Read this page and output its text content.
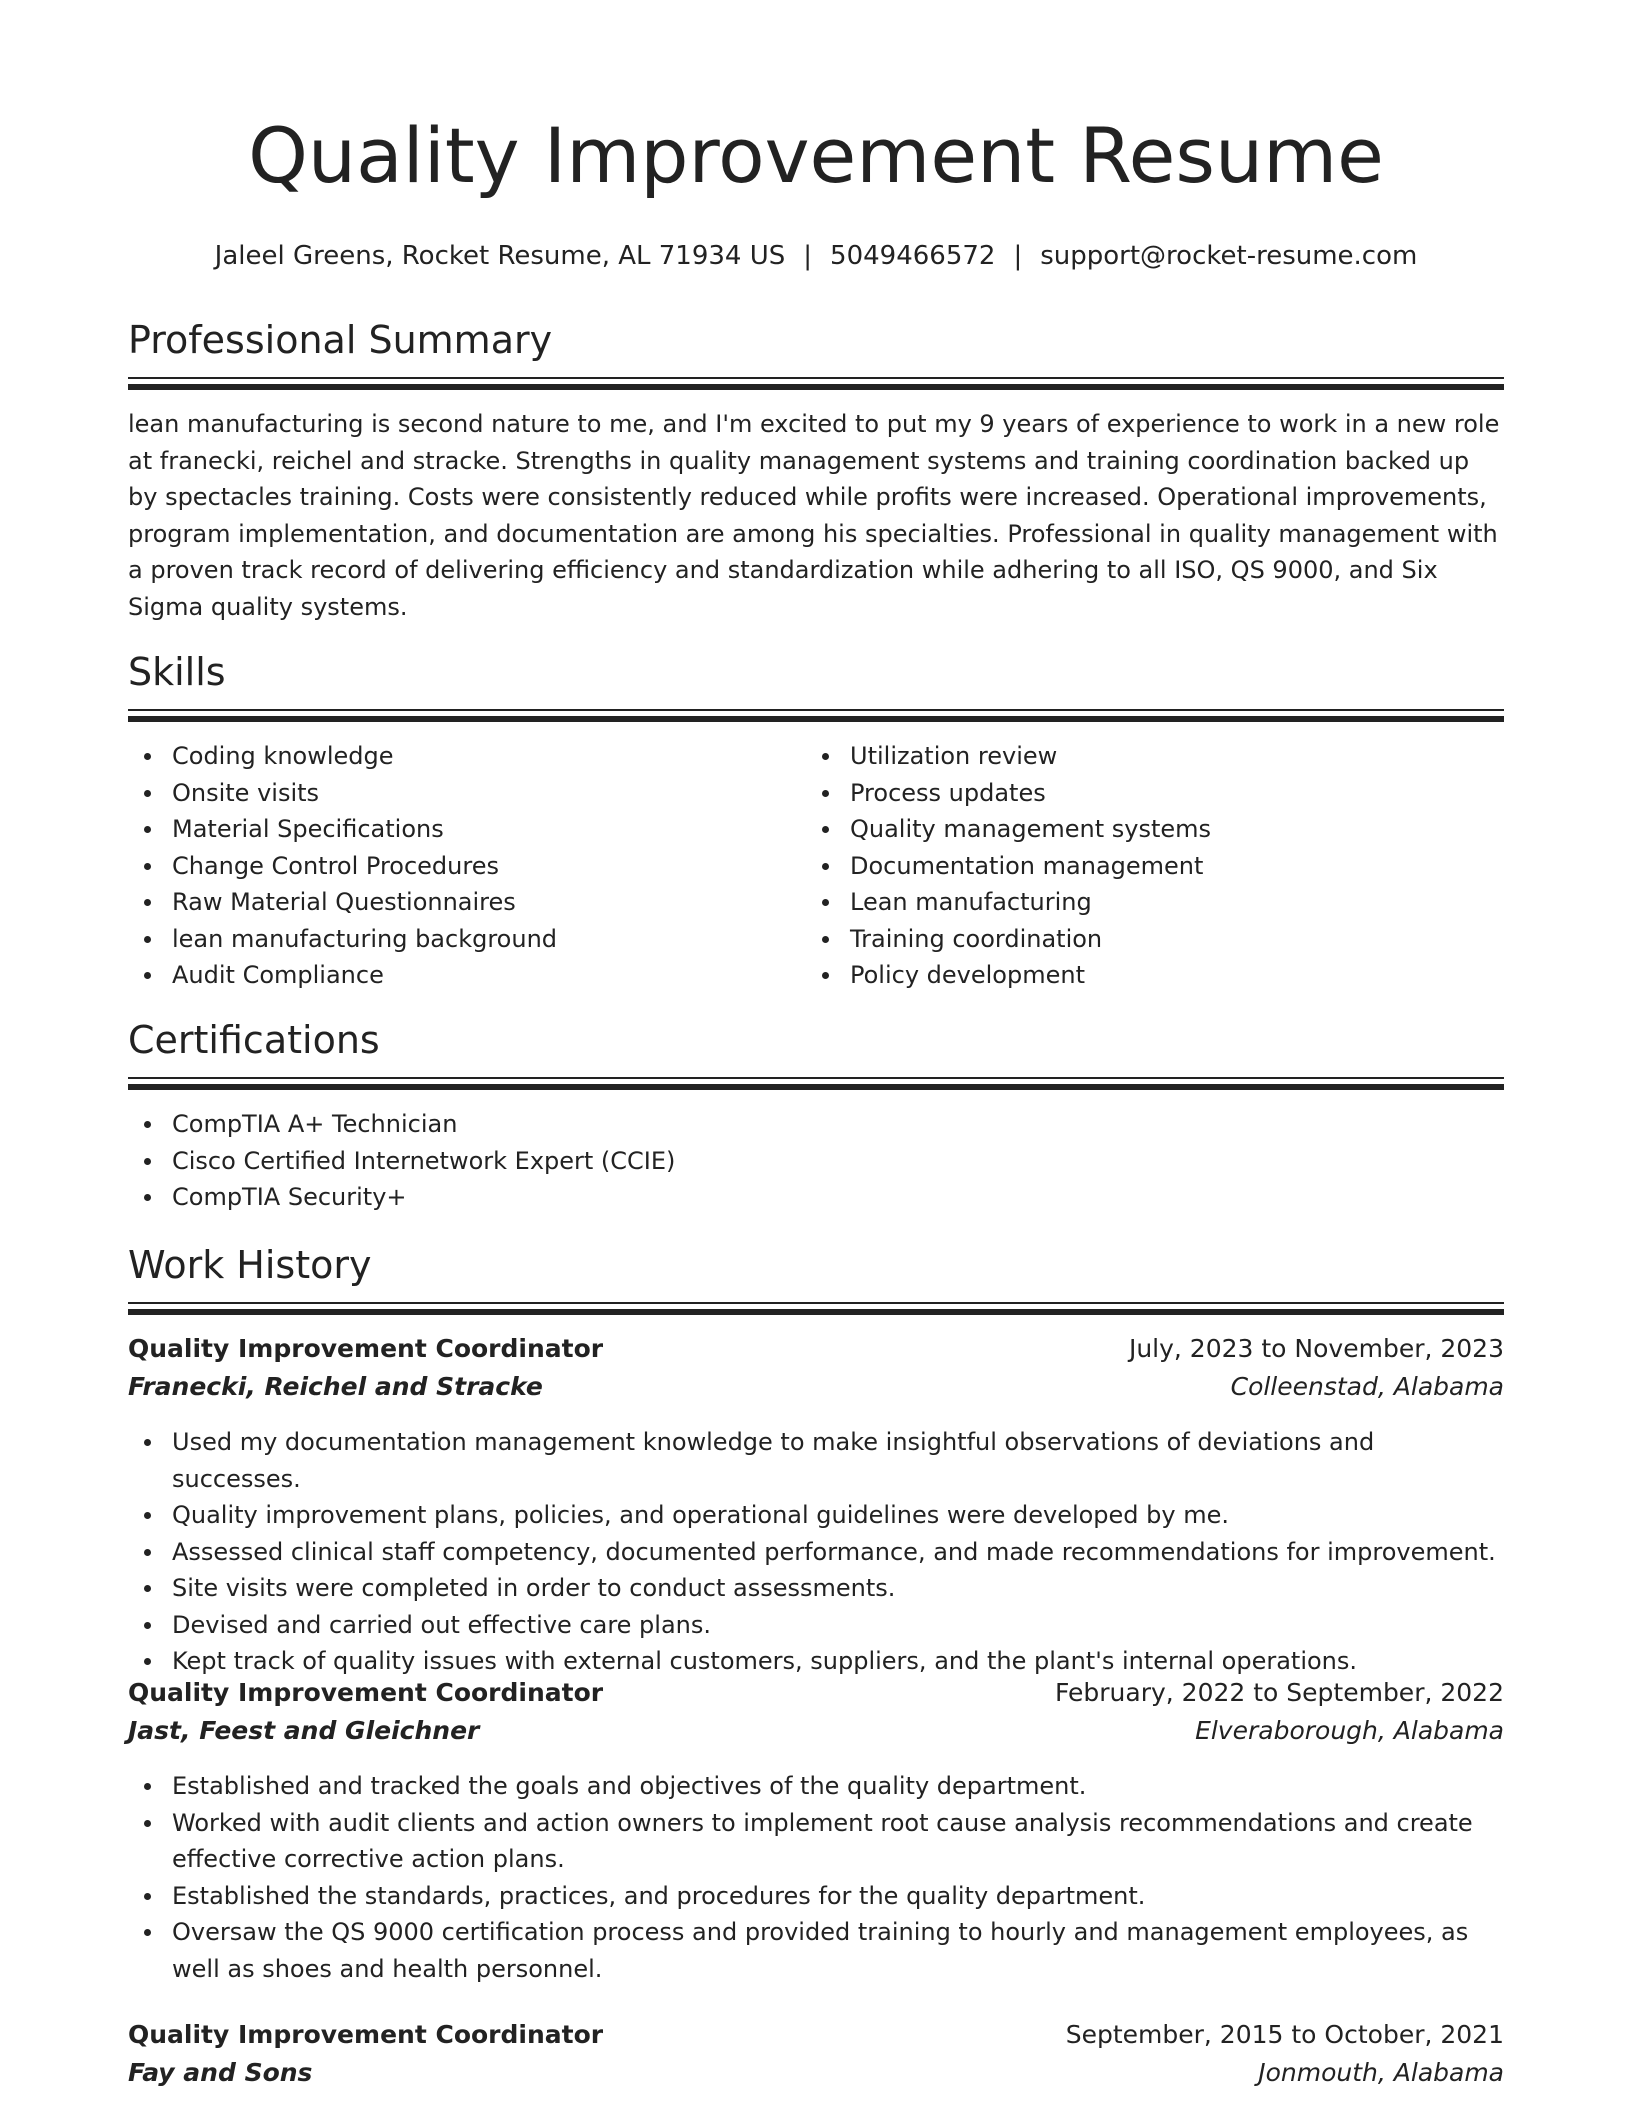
Quality Improvement Resume
Jaleel Greens, Rocket Resume, AL 71934 US | 5049466572 | support@rocket-resume.com
Professional Summary
lean manufacturing is second nature to me, and I'm excited to put my 9 years of experience to work in a new role at franecki, reichel and stracke. Strengths in quality management systems and training coordination backed up by spectacles training. Costs were consistently reduced while profits were increased. Operational improvements, program implementation, and documentation are among his specialties. Professional in quality management with a proven track record of delivering efficiency and standardization while adhering to all ISO, QS 9000, and Six Sigma quality systems.
Skills
Coding knowledge
Onsite visits
Material Specifications
Change Control Procedures
Raw Material Questionnaires
lean manufacturing background
Audit Compliance
Utilization review
Process updates
Quality management systems
Documentation management
Lean manufacturing
Training coordination
Policy development
Certifications
CompTIA A+ Technician
Cisco Certified Internetwork Expert (CCIE)
CompTIA Security+
Work History
Quality Improvement Coordinator	July, 2023 to November, 2023
Franecki, Reichel and Stracke	Colleenstad, Alabama
Used my documentation management knowledge to make insightful observations of deviations and successes.
Quality improvement plans, policies, and operational guidelines were developed by me.
Assessed clinical staff competency, documented performance, and made recommendations for improvement.
Site visits were completed in order to conduct assessments.
Devised and carried out effective care plans.
Kept track of quality issues with external customers, suppliers, and the plant's internal operations.
Quality Improvement Coordinator	February, 2022 to September, 2022
Jast, Feest and Gleichner	Elveraborough, Alabama
Established and tracked the goals and objectives of the quality department.
Worked with audit clients and action owners to implement root cause analysis recommendations and create effective corrective action plans.
Established the standards, practices, and procedures for the quality department.
Oversaw the QS 9000 certification process and provided training to hourly and management employees, as well as shoes and health personnel.
Quality Improvement Coordinator	September, 2015 to October, 2021
Fay and Sons	Jonmouth, Alabama
